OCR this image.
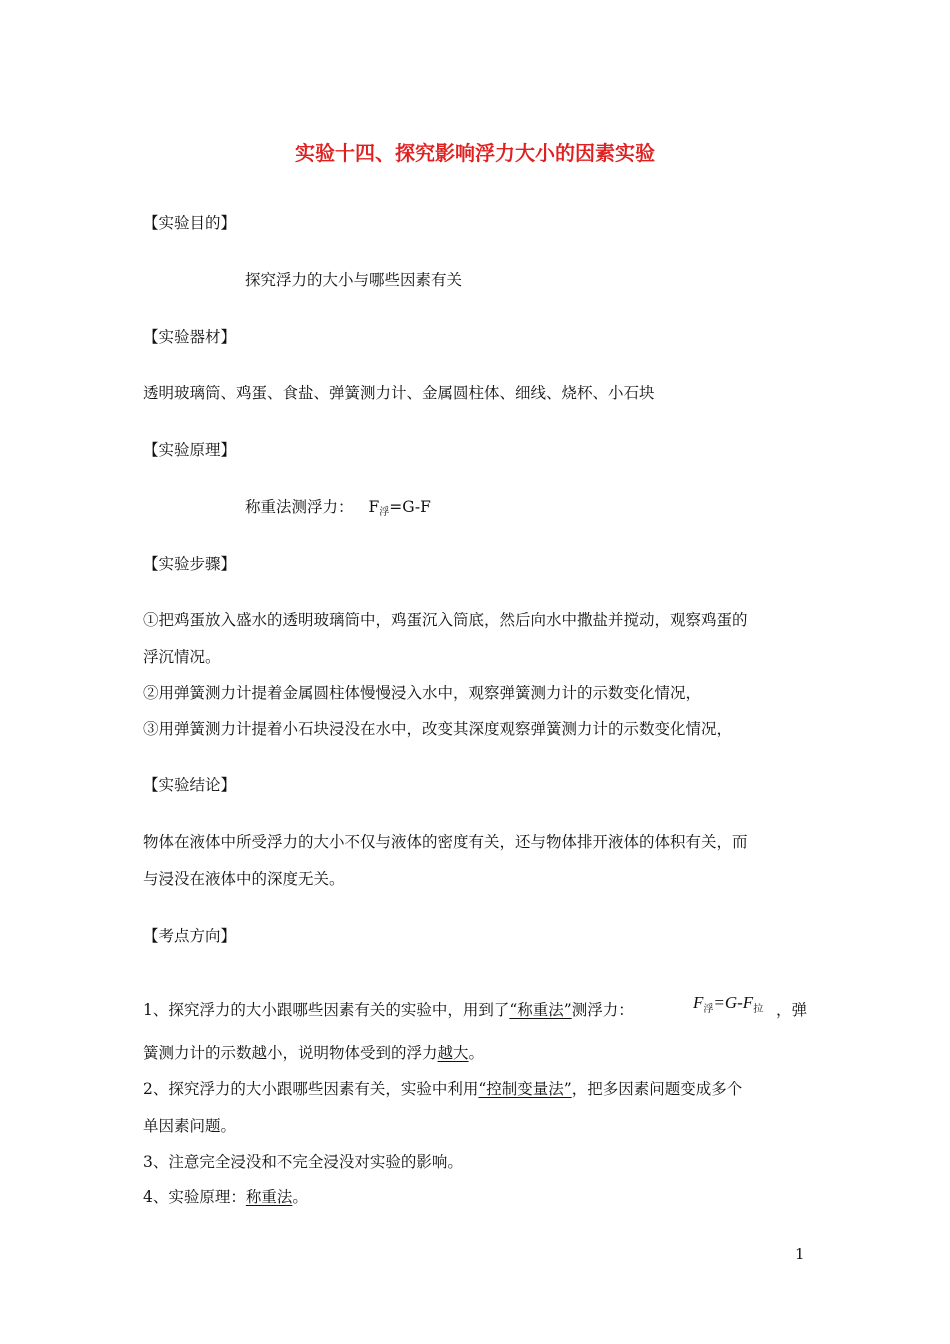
实验十四、探究影响浮力大小的因素实验
【实验目的】
探究浮力的大小与哪些因素有关
【实验器材】
透明玻璃筒、鸡蛋、食盐、弹簧测力计、金属圆柱体、细线、烧杯、小石块
【实验原理】
称重法测浮力： F浮=G-F
【实验步骤】
①把鸡蛋放入盛水的透明玻璃筒中，鸡蛋沉入筒底，然后向水中撒盐并搅动，观察鸡蛋的
浮沉情况。
②用弹簧测力计提着金属圆柱体慢慢浸入水中，观察弹簧测力计的示数变化情况，
③用弹簧测力计提着小石块浸没在水中，改变其深度观察弹簧测力计的示数变化情况，
【实验结论】
物体在液体中所受浮力的大小不仅与液体的密度有关，还与物体排开液体的体积有关，而
与浸没在液体中的深度无关。
【考点方向】
1、探究浮力的大小跟哪些因素有关的实验中，用到了“称重法”测浮力：	$F_浮=G-F_拉$ ，弹
簧测力计的示数越小，说明物体受到的浮力越大。
2、探究浮力的大小跟哪些因素有关，实验中利用“控制变量法”，把多因素问题变成多个
单因素问题。
3、注意完全浸没和不完全浸没对实验的影响。
4、实验原理：称重法。
1
